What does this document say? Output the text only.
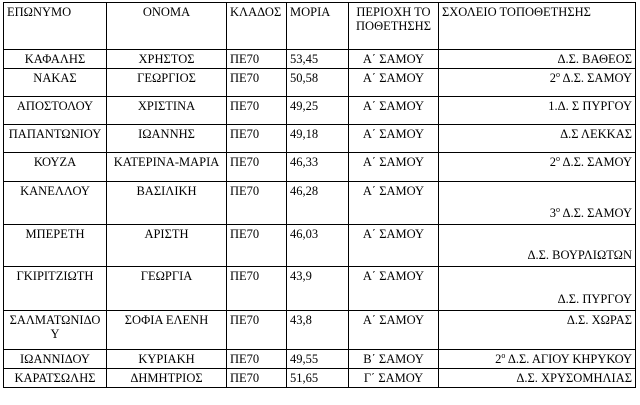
ΕΠΩΝΥΜΟ	ΟΝΟΜΑ	ΚΛΑΔΟΣ	ΜΟΡΙΑ	ΠΕΡΙΟΧΗ ΤΟΠΟΘΕΤΗΣΗΣ	ΣΧΟΛΕΙΟ ΤΟΠΟΘΕΤΗΣΗΣ
ΚΑΦΑΛΗΣ	ΧΡΗΣΤΟΣ	ΠΕ70	53,45	Α΄ ΣΑΜΟΥ	Δ.Σ. ΒΑΘΕΟΣ
ΝΑΚΑΣ	ΓΕΩΡΓΙΟΣ	ΠΕ70	50,58	Α΄ ΣΑΜΟΥ	$2^o$ Δ.Σ. ΣΑΜΟΥ
ΑΠΟΣΤΟΛΟΥ	ΧΡΙΣΤΙΝΑ	ΠΕ70	49,25	Α΄ ΣΑΜΟΥ	1.Δ. Σ ΠΥΡΓΟΥ
ΠΑΠΑΝΤΩΝΙΟΥ	ΙΩΑΝΝΗΣ	ΠΕ70	49,18	Α΄ ΣΑΜΟΥ	Δ.Σ ΛΕΚΚΑΣ
ΚΟΥΖΑ	ΚΑΤΕΡΙΝΑ-ΜΑΡΙΑ	ΠΕ70	46,33	Α΄ ΣΑΜΟΥ	$2^o$ Δ.Σ. ΣΑΜΟΥ
ΚΑΝΕΛΛΟΥ	ΒΑΣΙΛΙΚΗ	ΠΕ70	46,28	Α΄ ΣΑΜΟΥ	$3^o$ Δ.Σ. ΣΑΜΟΥ
ΜΠΕΡΕΤΗ	ΑΡΙΣΤΗ	ΠΕ70	46,03	Α΄ ΣΑΜΟΥ	Δ.Σ. ΒΟΥΡΛΙΩΤΩΝ
ΓΚΙΡΙΤΖΙΩΤΗ	ΓΕΩΡΓΙΑ	ΠΕ70	43,9	Α΄ ΣΑΜΟΥ	Δ.Σ. ΠΥΡΓΟΥ
ΣΑΛΜΑΤΩΝΙΔΟΥ	ΣΟΦΙΑ ΕΛΕΝΗ	ΠΕ70	43,8	Α΄ ΣΑΜΟΥ	Δ.Σ. ΧΩΡΑΣ
ΙΩΑΝΝΙΔΟΥ	ΚΥΡΙΑΚΗ	ΠΕ70	49,55	Β΄ ΣΑΜΟΥ	$2^o$ Δ.Σ. ΑΓΙΟΥ ΚΗΡΥΚΟΥ
ΚΑΡΑΤΣΩΛΗΣ	ΔΗΜΗΤΡΙΟΣ	ΠΕ70	51,65	Γ΄ ΣΑΜΟΥ	Δ.Σ. ΧΡΥΣΟΜΗΛΙΑΣ
